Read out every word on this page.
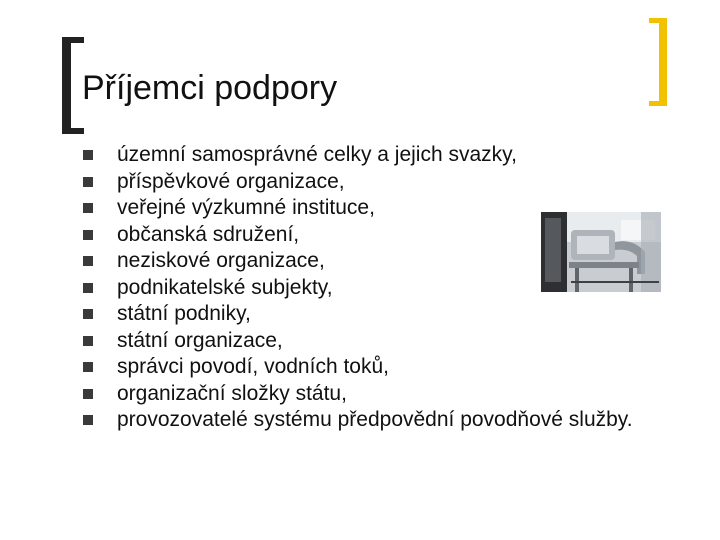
Příjemci podpory
územní samosprávné celky a jejich svazky,
příspěvkové organizace,
veřejné výzkumné instituce,
občanská sdružení,
neziskové organizace,
podnikatelské subjekty,
státní podniky,
státní organizace,
správci povodí, vodních toků,
organizační složky státu,
provozovatelé systému předpovědní povodňové služby.
